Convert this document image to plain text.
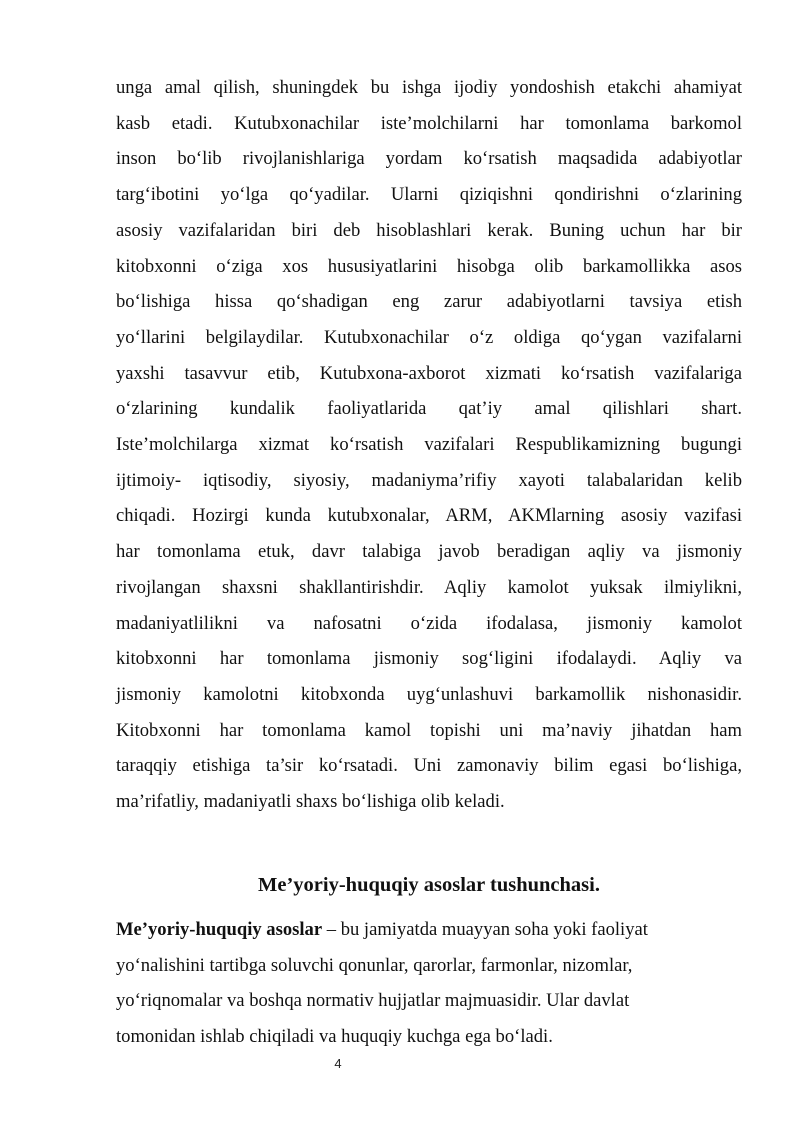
unga amal qilish, shuningdek bu ishga ijodiy yondoshish etakchi ahamiyat
kasb etadi. Kutubxonachilar iste’molchilarni har tomonlama barkomol
inson bo‘lib rivojlanishlariga yordam ko‘rsatish maqsadida adabiyotlar
targ‘ibotini yo‘lga qo‘yadilar. Ularni qiziqishni qondirishni o‘zlarining
asosiy vazifalaridan biri deb hisoblashlari kerak. Buning uchun har bir
kitobxonni o‘ziga xos hususiyatlarini hisobga olib barkamollikka asos
bo‘lishiga hissa qo‘shadigan eng zarur adabiyotlarni tavsiya etish
yo‘llarini belgilaydilar. Kutubxonachilar o‘z oldiga qo‘ygan vazifalarni
yaxshi tasavvur etib, Kutubxona-axborot xizmati ko‘rsatish vazifalariga
o‘zlarining kundalik faoliyatlarida qat’iy amal qilishlari shart.
Iste’molchilarga xizmat ko‘rsatish vazifalari Respublikamizning bugungi
ijtimoiy- iqtisodiy, siyosiy, madaniyma’rifiy xayoti talabalaridan kelib
chiqadi. Hozirgi kunda kutubxonalar, ARM, AKMlarning asosiy vazifasi
har tomonlama etuk, davr talabiga javob beradigan aqliy va jismoniy
rivojlangan shaxsni shakllantirishdir. Aqliy kamolot yuksak ilmiylikni,
madaniyatlilikni va nafosatni o‘zida ifodalasa, jismoniy kamolot
kitobxonni har tomonlama jismoniy sog‘ligini ifodalaydi. Aqliy va
jismoniy kamolotni kitobxonda uyg‘unlashuvi barkamollik nishonasidir.
Kitobxonni har tomonlama kamol topishi uni ma’naviy jihatdan ham
taraqqiy etishiga ta’sir ko‘rsatadi. Uni zamonaviy bilim egasi bo‘lishiga,
ma’rifatliy, madaniyatli shaxs bo‘lishiga olib keladi.

Me’yoriy-huquqiy asoslar tushunchasi.

Me’yoriy-huquqiy asoslar – bu jamiyatda muayyan soha yoki faoliyat
yo‘nalishini tartibga soluvchi qonunlar, qarorlar, farmonlar, nizomlar,
yo‘riqnomalar va boshqa normativ hujjatlar majmuasidir. Ular davlat
tomonidan ishlab chiqiladi va huquqiy kuchga ega bo‘ladi.

4
